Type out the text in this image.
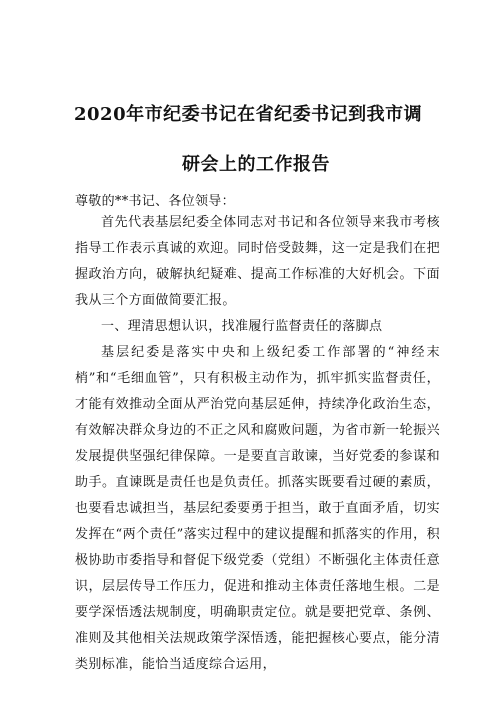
2020年市纪委书记在省纪委书记到我市调
研会上的工作报告
尊敬的**书记、各位领导：

首先代表基层纪委全体同志对书记和各位领导来我市考核指导工作表示真诚的欢迎。同时倍受鼓舞，这一定是我们在把握政治方向，破解执纪疑难、提高工作标准的大好机会。下面我从三个方面做简要汇报。

一、理清思想认识，找准履行监督责任的落脚点

基层纪委是落实中央和上级纪委工作部署的“神经末梢”和“毛细血管”，只有积极主动作为，抓牢抓实监督责任，才能有效推动全面从严治党向基层延伸，持续净化政治生态，有效解决群众身边的不正之风和腐败问题，为省市新一轮振兴发展提供坚强纪律保障。一是要直言敢谏，当好党委的参谋和助手。直谏既是责任也是负责任。抓落实既要看过硬的素质，也要看忠诚担当，基层纪委要勇于担当，敢于直面矛盾，切实发挥在“两个责任”落实过程中的建议提醒和抓落实的作用，积极协助市委指导和督促下级党委（党组）不断强化主体责任意识，层层传导工作压力，促进和推动主体责任落地生根。二是要学深悟透法规制度，明确职责定位。就是要把党章、条例、准则及其他相关法规政策学深悟透，能把握核心要点，能分清类别标准，能恰当适度综合运用，
